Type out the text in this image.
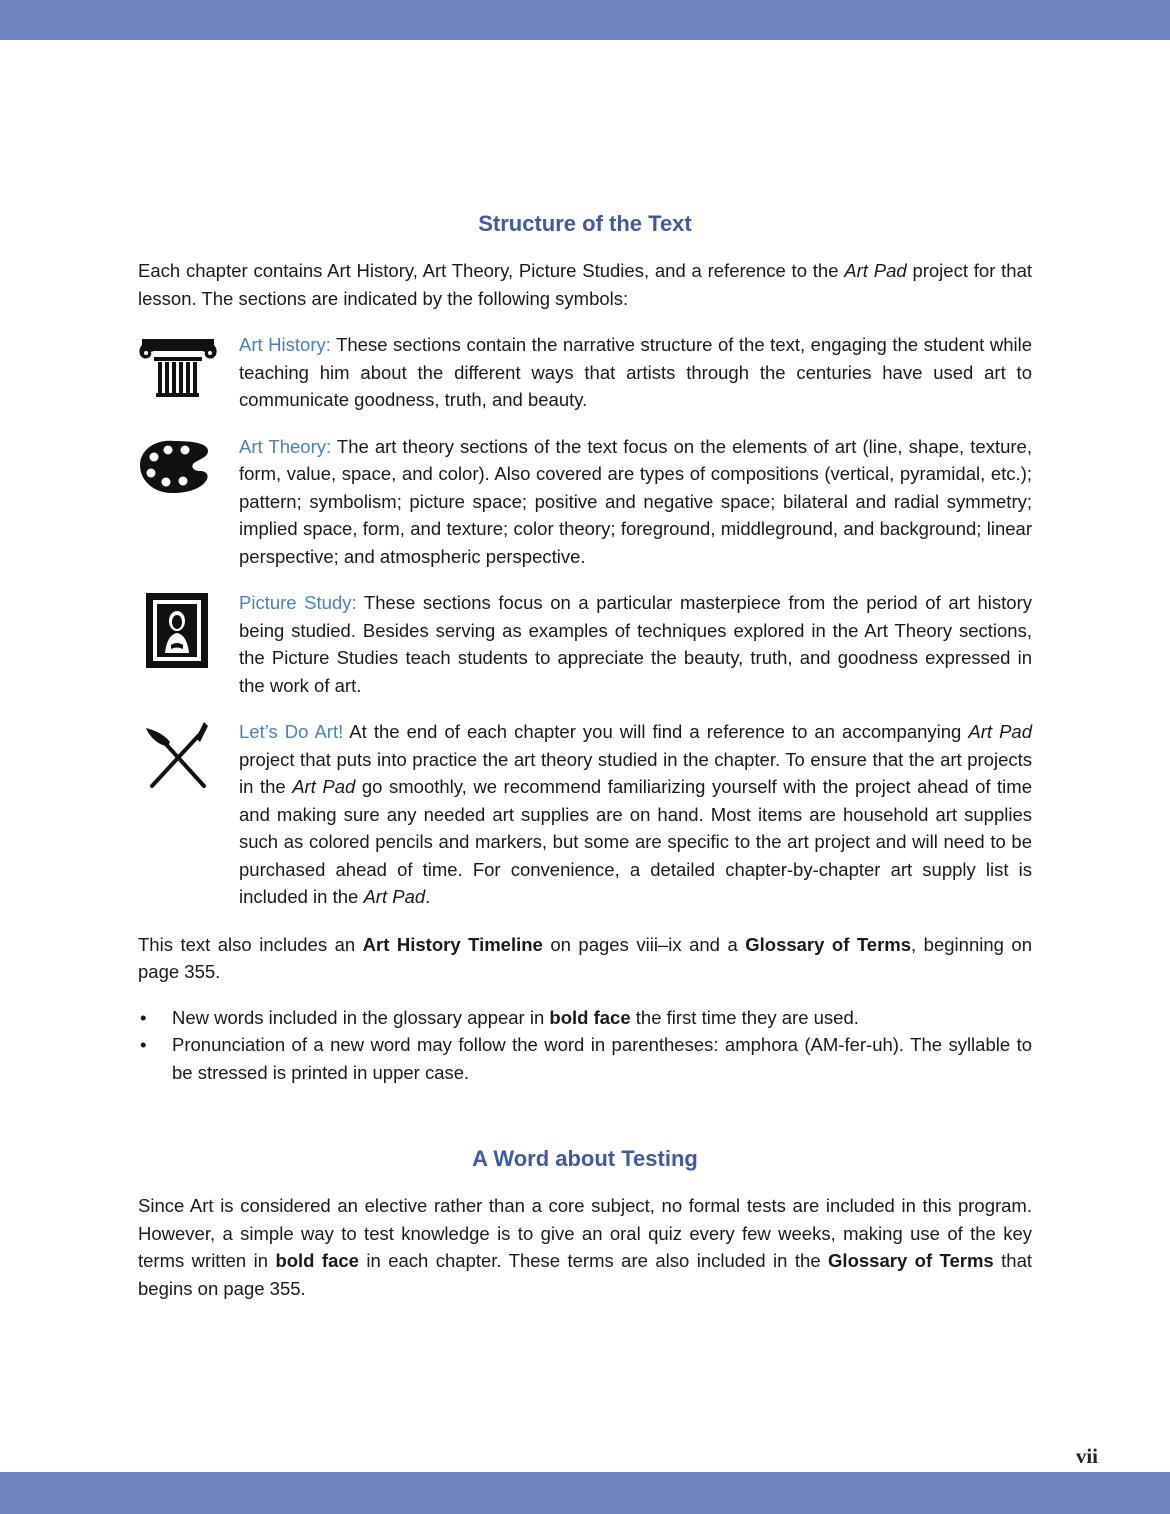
Structure of the Text

Each chapter contains Art History, Art Theory, Picture Studies, and a reference to the Art Pad project for that lesson. The sections are indicated by the following symbols:

Art History: These sections contain the narrative structure of the text, engaging the student while teaching him about the different ways that artists through the centuries have used art to communicate goodness, truth, and beauty.

Art Theory: The art theory sections of the text focus on the elements of art (line, shape, texture, form, value, space, and color). Also covered are types of compositions (vertical, pyramidal, etc.); pattern; symbolism; picture space; positive and negative space; bilateral and radial symmetry; implied space, form, and texture; color theory; foreground, middleground, and background; linear perspective; and atmospheric perspective.

Picture Study: These sections focus on a particular masterpiece from the period of art history being studied. Besides serving as examples of techniques explored in the Art Theory sections, the Picture Studies teach students to appreciate the beauty, truth, and goodness expressed in the work of art.

Let’s Do Art! At the end of each chapter you will find a reference to an accompanying Art Pad project that puts into practice the art theory studied in the chapter. To ensure that the art projects in the Art Pad go smoothly, we recommend familiarizing yourself with the project ahead of time and making sure any needed art supplies are on hand. Most items are household art supplies such as colored pencils and markers, but some are specific to the art project and will need to be purchased ahead of time. For convenience, a detailed chapter-by-chapter art supply list is included in the Art Pad.

This text also includes an Art History Timeline on pages viii–ix and a Glossary of Terms, beginning on page 355.

• New words included in the glossary appear in bold face the first time they are used.
• Pronunciation of a new word may follow the word in parentheses: amphora (AM-fer-uh). The syllable to be stressed is printed in upper case.
A Word about Testing

Since Art is considered an elective rather than a core subject, no formal tests are included in this program. However, a simple way to test knowledge is to give an oral quiz every few weeks, making use of the key terms written in bold face in each chapter. These terms are also included in the Glossary of Terms that begins on page 355.

vii
